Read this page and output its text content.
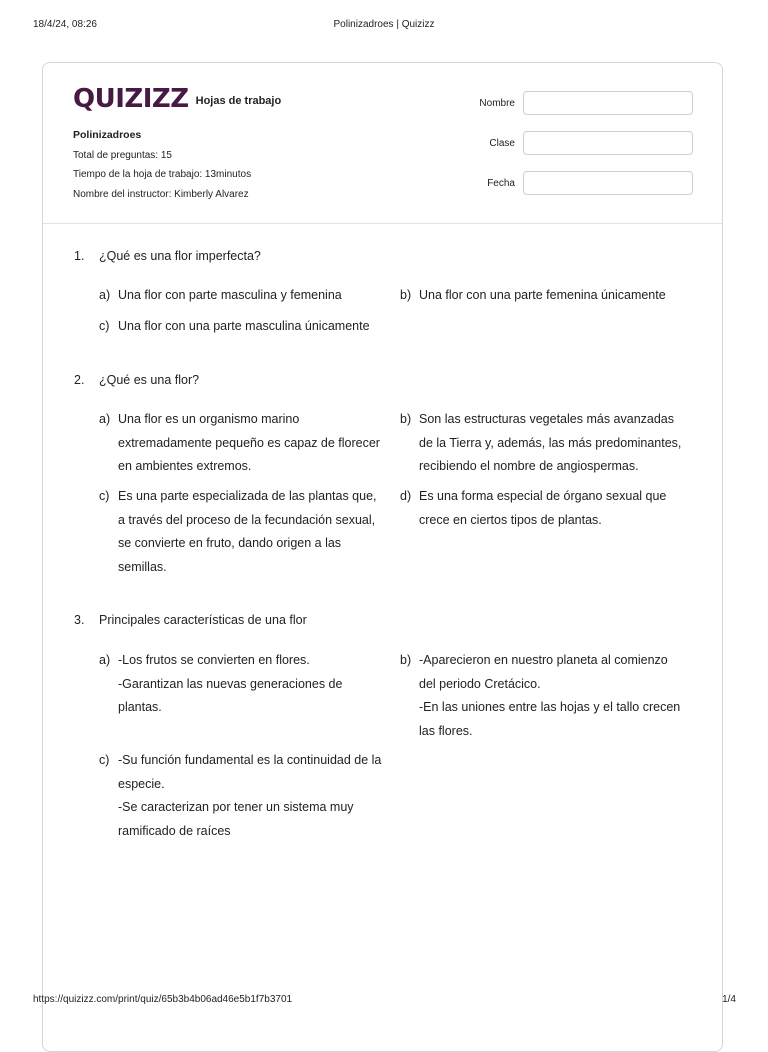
18/4/24, 08:26	Polinizadroes | Quizizz
QUIZIZZ Hojas de trabajo
Polinizadroes
Total de preguntas: 15
Tiempo de la hoja de trabajo: 13minutos
Nombre del instructor: Kimberly Alvarez
Nombre
Clase
Fecha
1. ¿Qué es una flor imperfecta?
a) Una flor con parte masculina y femenina	b) Una flor con una parte femenina únicamente
c) Una flor con una parte masculina únicamente
2. ¿Qué es una flor?
a) Una flor es un organismo marino
extremadamente pequeño es capaz de florecer
en ambientes extremos.
b) Son las estructuras vegetales más avanzadas
de la Tierra y, además, las más predominantes,
recibiendo el nombre de angiospermas.
c) Es una parte especializada de las plantas que,
a través del proceso de la fecundación sexual,
se convierte en fruto, dando origen a las
semillas.
d) Es una forma especial de órgano sexual que
crece en ciertos tipos de plantas.
3. Principales características de una flor
a) -Los frutos se convierten en flores.
-Garantizan las nuevas generaciones de
plantas.
b) -Aparecieron en nuestro planeta al comienzo
del periodo Cretácico.
-En las uniones entre las hojas y el tallo crecen
las flores.
c) -Su función fundamental es la continuidad de la
especie.
-Se caracterizan por tener un sistema muy
ramificado de raíces
https://quizizz.com/print/quiz/65b3b4b06ad46e5b1f7b3701	1/4
